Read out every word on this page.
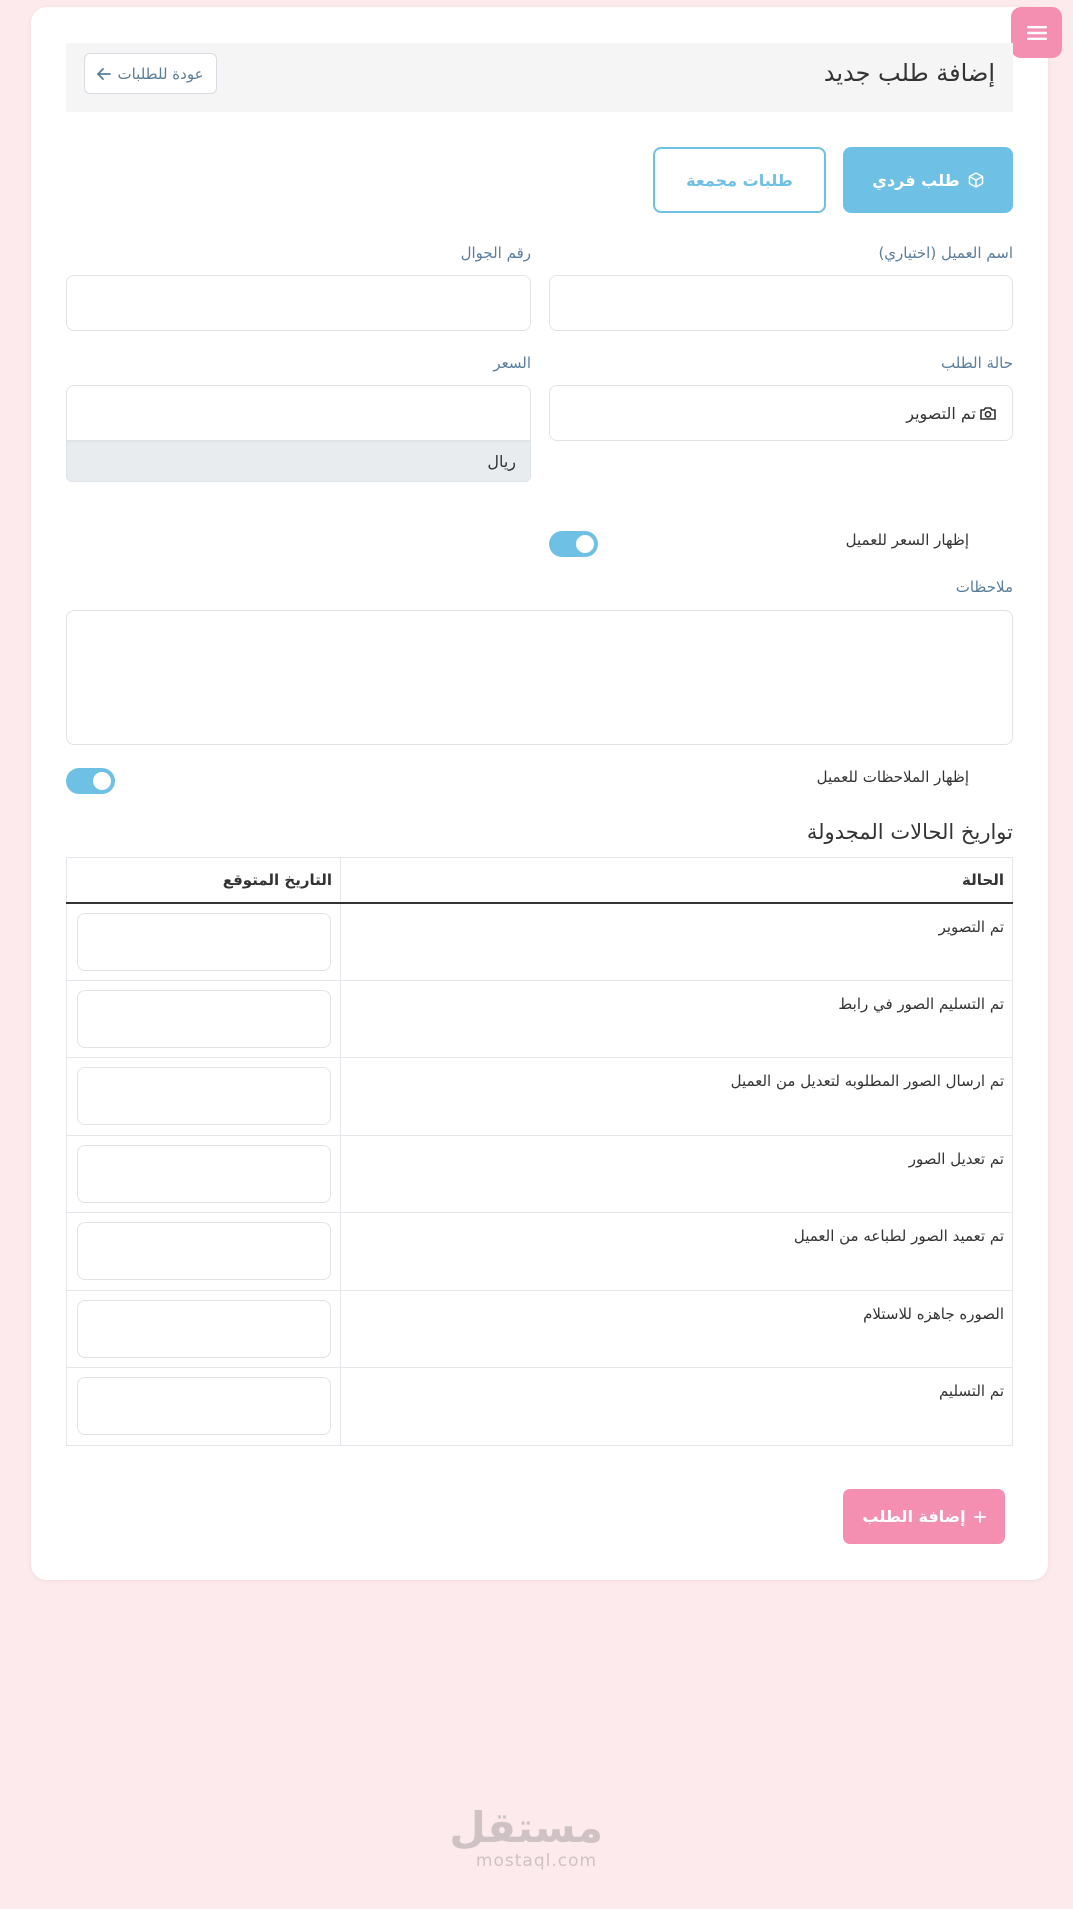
إضافة طلب جديد
عودة للطلبات
طلب فردي
طلبات مجمعة
اسم العميل (اختياري)
رقم الجوال
حالة الطلب
تم التصوير
السعر
ريال
إظهار السعر للعميل
ملاحظات
إظهار الملاحظات للعميل
تواريخ الحالات المجدولة
الحالة	التاريخ المتوقع
تم التصوير	
تم التسليم الصور في رابط	
تم ارسال الصور المطلوبه لتعديل من العميل	
تم تعديل الصور	
تم تعميد الصور لطباعه من العميل	
الصوره جاهزه للاستلام	
تم التسليم	
إضافة الطلب
مستقل
mostaql.com
